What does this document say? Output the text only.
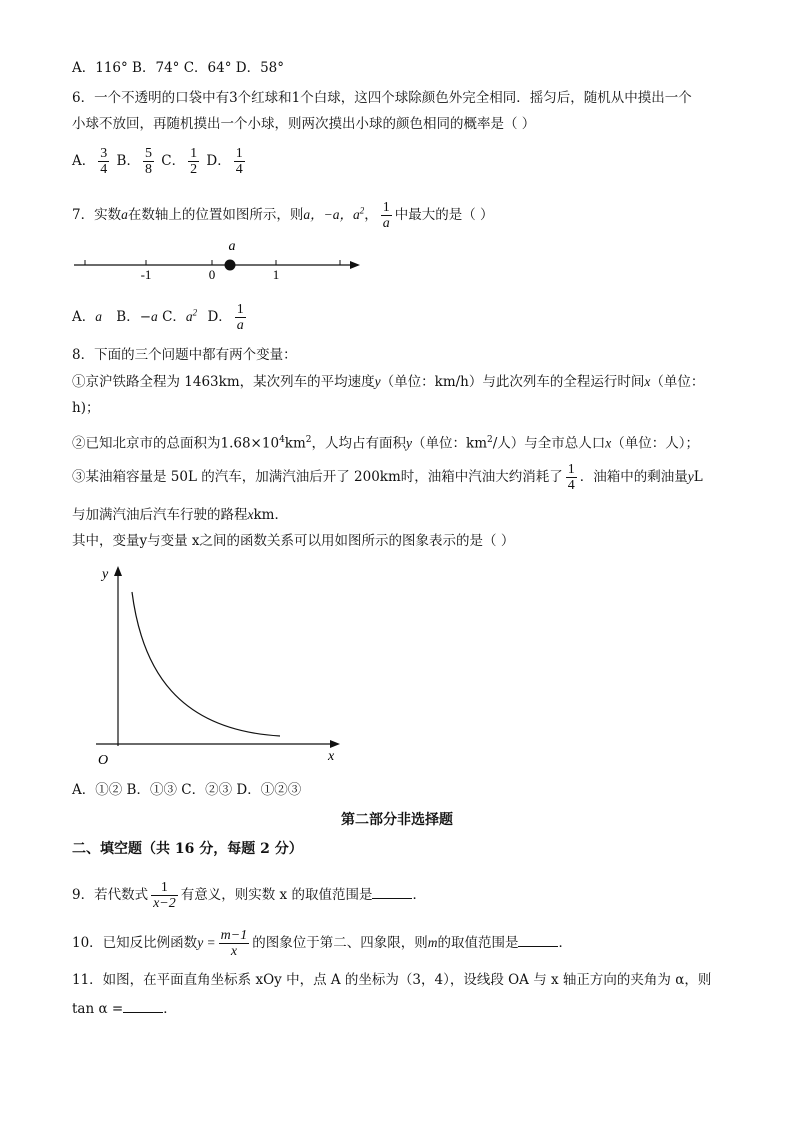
A．116° B．74° C．64° D．58°
6．一个不透明的口袋中有3个红球和1个白球，这四个球除颜色外完全相同．摇匀后，随机从中摸出一个
小球不放回，再随机摸出一个小球，则两次摸出小球的颜色相同的概率是（ ）
A． $\frac{3}{4}$ B． $\frac{5}{8}$ C． $\frac{1}{2}$ D． $\frac{1}{4}$
7．实数a在数轴上的位置如图所示，则a，−a，$a^2$， $\frac{1}{a}$ 中最大的是（ ）
-1	0	1
a
A．a B．−a C．$a^2$ D． $\frac{1}{a}$
8．下面的三个问题中都有两个变量：
①京沪铁路全程为 1463km，某次列车的平均速度y（单位：km/h）与此次列车的全程运行时间x（单位：
h)；
②已知北京市的总面积为$1.68\times 10^4km^2$，人均占有面积y（单位：$km^2/$人）与全市总人口x（单位：人）；
③某油箱容量是 50L 的汽车，加满汽油后开了 200km时，油箱中汽油大约消耗了 $\frac{1}{4}$ ．油箱中的剩油量yL
与加满汽油后汽车行驶的路程xkm．
其中，变量y与变量 x之间的函数关系可以用如图所示的图象表示的是（ ）
y
x
O
A．①② B．①③ C．②③ D．①②③
第二部分非选择题
二、填空题（共 16 分，每题 2 分）
9．若代数式 $\frac{1}{x-2}$ 有意义，则实数 x 的取值范围是	．
10．已知反比例函数$y = \frac{m-1}{x}$ 的图象位于第二、四象限，则m的取值范围是	．
11．如图，在平面直角坐标系 xOy 中，点 A 的坐标为（3，4），设线段 OA 与 x 轴正方向的夹角为 α，则
tan α =	．
